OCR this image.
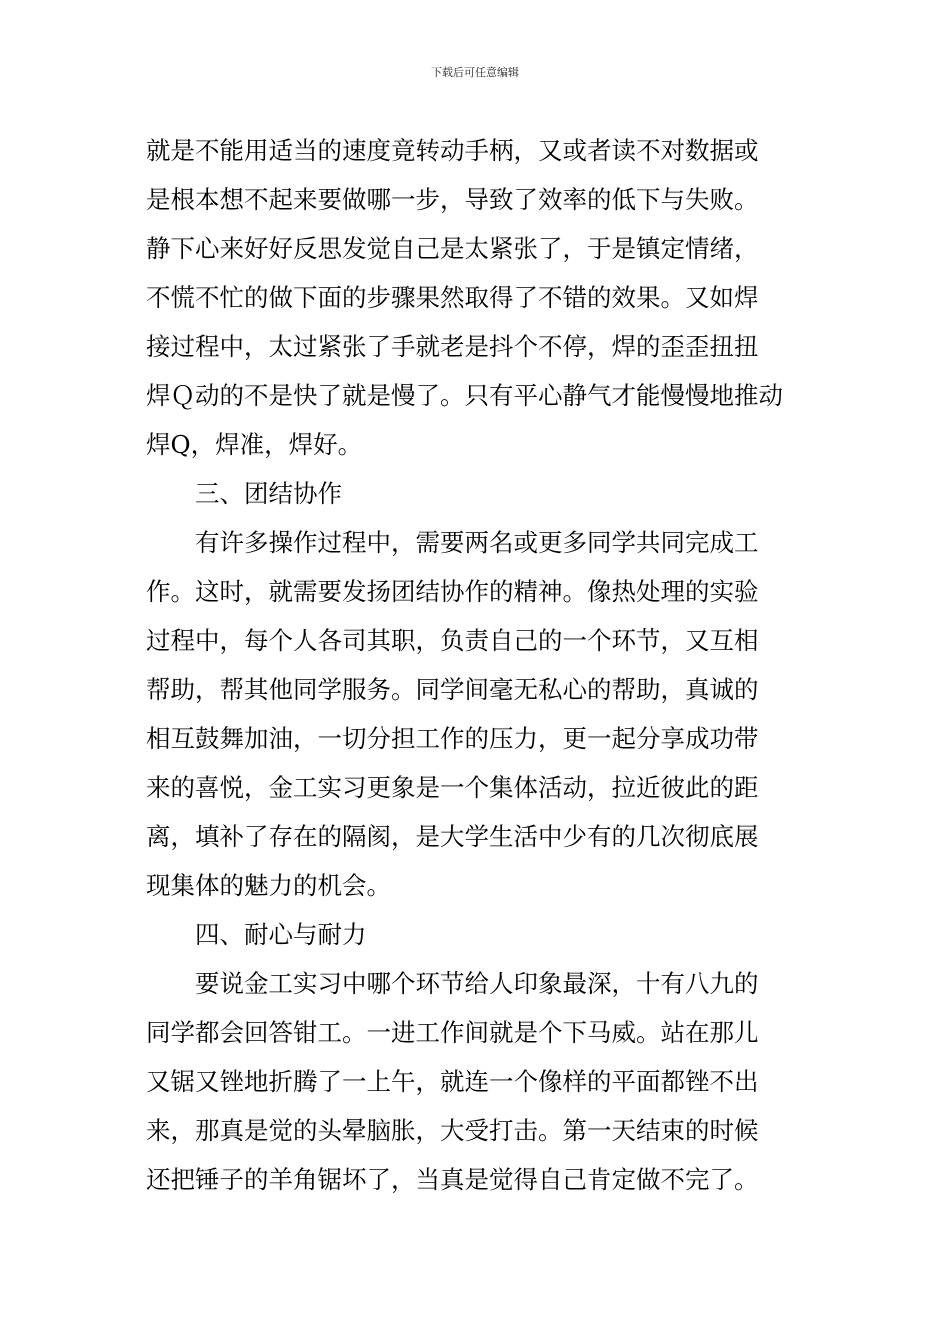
下载后可任意编辑
就是不能用适当的速度竟转动手柄，又或者读不对数据或
是根本想不起来要做哪一步，导致了效率的低下与失败。
静下心来好好反思发觉自己是太紧张了，于是镇定情绪，
不慌不忙的做下面的步骤果然取得了不错的效果。又如焊
接过程中，太过紧张了手就老是抖个不停，焊的歪歪扭扭
焊Ｑ动的不是快了就是慢了。只有平心静气才能慢慢地推动
焊Q，焊准，焊好。
三、团结协作
有许多操作过程中，需要两名或更多同学共同完成工
作。这时，就需要发扬团结协作的精神。像热处理的实验
过程中，每个人各司其职，负责自己的一个环节，又互相
帮助，帮其他同学服务。同学间毫无私心的帮助，真诚的
相互鼓舞加油，一切分担工作的压力，更一起分享成功带
来的喜悦，金工实习更象是一个集体活动，拉近彼此的距
离，填补了存在的隔阂，是大学生活中少有的几次彻底展
现集体的魅力的机会。
四、耐心与耐力
要说金工实习中哪个环节给人印象最深，十有八九的
同学都会回答钳工。一进工作间就是个下马威。站在那儿
又锯又锉地折腾了一上午，就连一个像样的平面都锉不出
来，那真是觉的头晕脑胀，大受打击。第一天结束的时候
还把锤子的羊角锯坏了，当真是觉得自己肯定做不完了。
